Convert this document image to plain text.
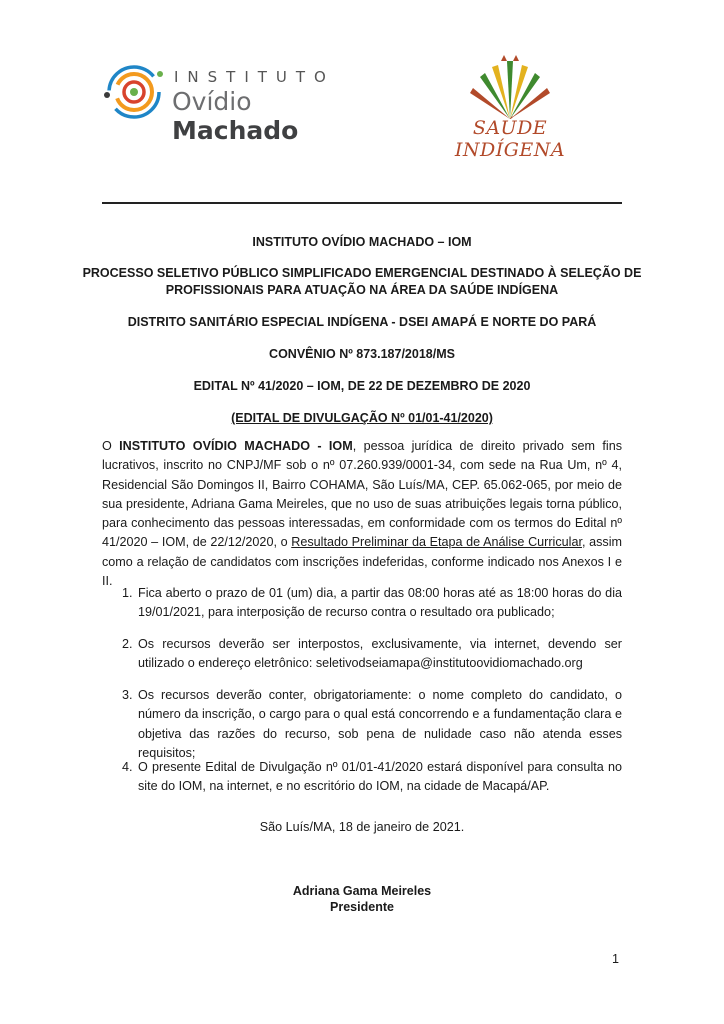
INSTITUTO
Ovídio Machado	SAÚDE INDÍGENA
INSTITUTO OVÍDIO MACHADO – IOM
PROCESSO SELETIVO PÚBLICO SIMPLIFICADO EMERGENCIAL DESTINADO À SELEÇÃO DE
PROFISSIONAIS PARA ATUAÇÃO NA ÁREA DA SAÚDE INDÍGENA
DISTRITO SANITÁRIO ESPECIAL INDÍGENA - DSEI AMAPÁ E NORTE DO PARÁ
CONVÊNIO Nº 873.187/2018/MS
EDITAL Nº 41/2020 – IOM, DE 22 DE DEZEMBRO DE 2020
(EDITAL DE DIVULGAÇÃO Nº 01/01-41/2020)
O INSTITUTO OVÍDIO MACHADO - IOM, pessoa jurídica de direito privado sem fins lucrativos, inscrito no CNPJ/MF sob o nº 07.260.939/0001-34, com sede na Rua Um, nº 4, Residencial São Domingos II, Bairro COHAMA, São Luís/MA, CEP. 65.062-065, por meio de sua presidente, Adriana Gama Meireles, que no uso de suas atribuições legais torna público, para conhecimento das pessoas interessadas, em conformidade com os termos do Edital nº 41/2020 – IOM, de 22/12/2020, o Resultado Preliminar da Etapa de Análise Curricular, assim como a relação de candidatos com inscrições indeferidas, conforme indicado nos Anexos I e II.
1. Fica aberto o prazo de 01 (um) dia, a partir das 08:00 horas até as 18:00 horas do dia 19/01/2021, para interposição de recurso contra o resultado ora publicado;
2. Os recursos deverão ser interpostos, exclusivamente, via internet, devendo ser utilizado o endereço eletrônico: seletivodseiamapa@institutoovidiomachado.org
3. Os recursos deverão conter, obrigatoriamente: o nome completo do candidato, o número da inscrição, o cargo para o qual está concorrendo e a fundamentação clara e objetiva das razões do recurso, sob pena de nulidade caso não atenda esses requisitos;
4. O presente Edital de Divulgação nº 01/01-41/2020 estará disponível para consulta no site do IOM, na internet, e no escritório do IOM, na cidade de Macapá/AP.
São Luís/MA, 18 de janeiro de 2021.
Adriana Gama Meireles
Presidente
1
